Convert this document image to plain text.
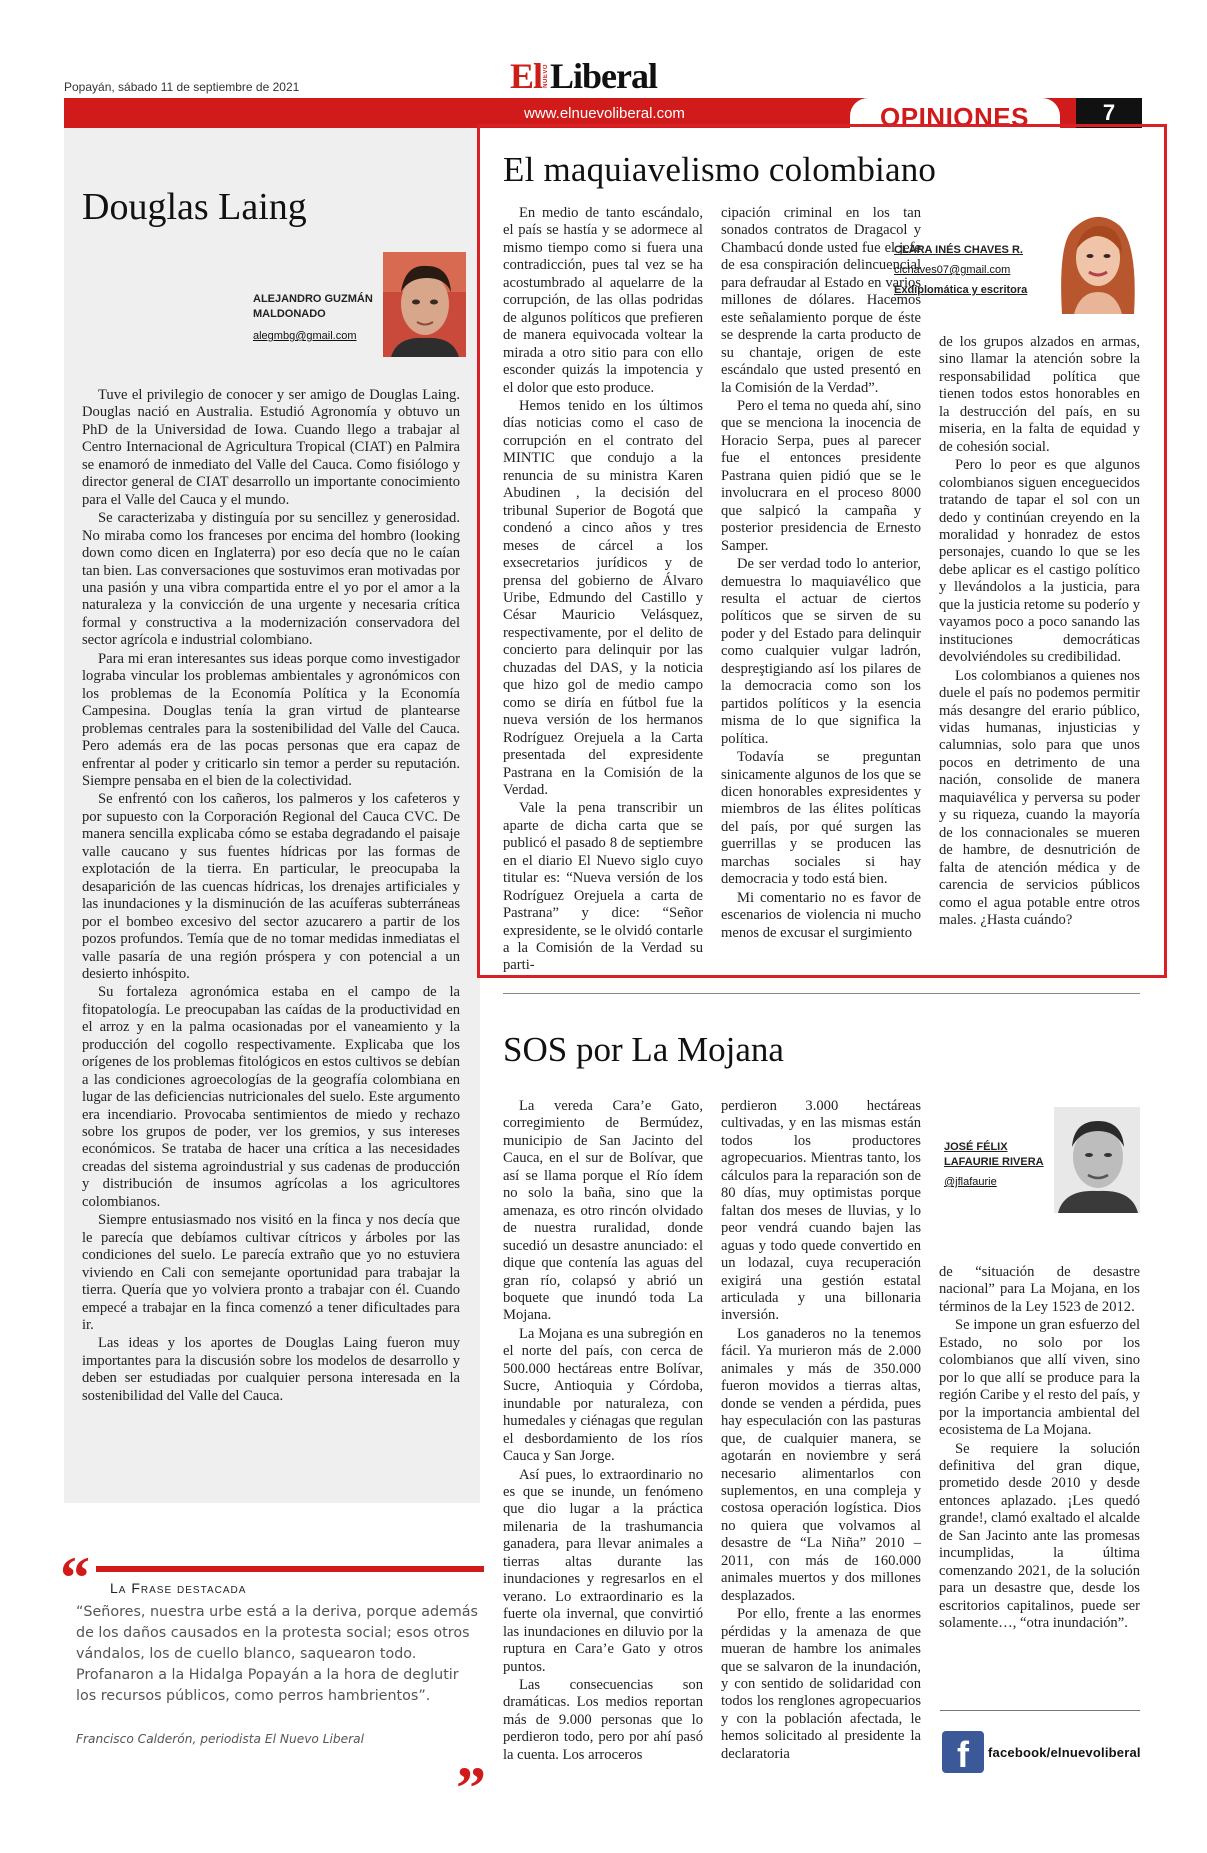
Popayán, sábado 11 de septiembre de 2021	El NUEVO Liberal
www.elnuevoliberal.com	OPINIONES	7
Douglas Laing
ALEJANDRO GUZMÁN MALDONADO
alegmbg@gmail.com

Tuve el privilegio de conocer y ser amigo de Douglas Laing. Douglas nació en Australia. Estudió Agronomía y obtuvo un PhD de la Universidad de Iowa. Cuando llego a trabajar al Centro Internacional de Agricultura Tropical (CIAT) en Palmira se enamoró de inmediato del Valle del Cauca. Como fisiólogo y director general de CIAT desarrollo un importante conocimiento para el Valle del Cauca y el mundo.

Se caracterizaba y distinguía por su sencillez y generosidad. No miraba como los franceses por encima del hombro (looking down como dicen en Inglaterra) por eso decía que no le caían tan bien. Las conversaciones que sostuvimos eran motivadas por una pasión y una vibra compartida entre el yo por el amor a la naturaleza y la convicción de una urgente y necesaria crítica formal y constructiva a la modernización conservadora del sector agrícola e industrial colombiano.

Para mi eran interesantes sus ideas porque como investigador lograba vincular los problemas ambientales y agronómicos con los problemas de la Economía Política y la Economía Campesina. Douglas tenía la gran virtud de plantearse problemas centrales para la sostenibilidad del Valle del Cauca. Pero además era de las pocas personas que era capaz de enfrentar al poder y criticarlo sin temor a perder su reputación. Siempre pensaba en el bien de la colectividad.

Se enfrentó con los cañeros, los palmeros y los cafeteros y por supuesto con la Corporación Regional del Cauca CVC. De manera sencilla explicaba cómo se estaba degradando el paisaje valle caucano y sus fuentes hídricas por las formas de explotación de la tierra. En particular, le preocupaba la desaparición de las cuencas hídricas, los drenajes artificiales y las inundaciones y la disminución de las acuíferas subterráneas por el bombeo excesivo del sector azucarero a partir de los pozos profundos. Temía que de no tomar medidas inmediatas el valle pasaría de una región próspera y con potencial a un desierto inhóspito.

Su fortaleza agronómica estaba en el campo de la fitopatología. Le preocupaban las caídas de la productividad en el arroz y en la palma ocasionadas por el vaneamiento y la producción del cogollo respectivamente. Explicaba que los orígenes de los problemas fitológicos en estos cultivos se debían a las condiciones agroecologías de la geografía colombiana en lugar de las deficiencias nutricionales del suelo. Este argumento era incendiario. Provocaba sentimientos de miedo y rechazo sobre los grupos de poder, ver los gremios, y sus intereses económicos. Se trataba de hacer una crítica a las necesidades creadas del sistema agroindustrial y sus cadenas de producción y distribución de insumos agrícolas a los agricultores colombianos.

Siempre entusiasmado nos visitó en la finca y nos decía que le parecía que debíamos cultivar cítricos y árboles por las condiciones del suelo. Le parecía extraño que yo no estuviera viviendo en Cali con semejante oportunidad para trabajar la tierra. Quería que yo volviera pronto a trabajar con él. Cuando empecé a trabajar en la finca comenzó a tener dificultades para ir.

Las ideas y los aportes de Douglas Laing fueron muy importantes para la discusión sobre los modelos de desarrollo y deben ser estudiadas por cualquier persona interesada en la sostenibilidad del Valle del Cauca.

“ La Frase destacada
“Señores, nuestra urbe está a la deriva, porque además de los daños causados en la protesta social; esos otros vándalos, los de cuello blanco, saquearon todo. Profanaron a la Hidalga Popayán a la hora de deglutir los recursos públicos, como perros hambrientos”.
Francisco Calderón, periodista El Nuevo Liberal
”
El maquiavelismo colombiano

En medio de tanto escándalo, el país se hastía y se adormece al mismo tiempo como si fuera una contradicción, pues tal vez se ha acostumbrado al aquelarre de la corrupción, de las ollas podridas de algunos políticos que prefieren de manera equivocada voltear la mirada a otro sitio para con ello esconder quizás la impotencia y el dolor que esto produce.

Hemos tenido en los últimos días noticias como el caso de corrupción en el contrato del MINTIC que condujo a la renuncia de su ministra Karen Abudinen , la decisión del tribunal Superior de Bogotá que condenó a cinco años y tres meses de cárcel a los exsecretarios jurídicos y de prensa del gobierno de Álvaro Uribe, Edmundo del Castillo y César Mauricio Velásquez, respectivamente, por el delito de concierto para delinquir por las chuzadas del DAS, y la noticia que hizo gol de medio campo como se diría en fútbol fue la nueva versión de los hermanos Rodríguez Orejuela a la Carta presentada del expresidente Pastrana en la Comisión de la Verdad.

Vale la pena transcribir un aparte de dicha carta que se publicó el pasado 8 de septiembre en el diario El Nuevo siglo cuyo titular es: “Nueva versión de los Rodríguez Orejuela a carta de Pastrana” y dice: “Señor expresidente, se le olvidó contarle a la Comisión de la Verdad su parti-

cipación criminal en los tan sonados contratos de Dragacol y Chambacú donde usted fue el jefe de esa conspiración delincuencial para defraudar al Estado en varios millones de dólares. Hacemos este señalamiento porque de éste se desprende la carta producto de su chantaje, origen de este escándalo que usted presentó en la Comisión de la Verdad”.

Pero el tema no queda ahí, sino que se menciona la inocencia de Horacio Serpa, pues al parecer fue el entonces presidente Pastrana quien pidió que se le involucrara en el proceso 8000 que salpicó la campaña y posterior presidencia de Ernesto Samper.

De ser verdad todo lo anterior, demuestra lo maquiavélico que resulta el actuar de ciertos políticos que se sirven de su poder y del Estado para delinquir como cualquier vulgar ladrón, despreştigiando así los pilares de la democracia como son los partidos políticos y la esencia misma de lo que significa la política.

Todavía se preguntan sinicamente algunos de los que se dicen honorables expresidentes y miembros de las élites políticas del país, por qué surgen las guerrillas y se producen las marchas sociales si hay democracia y todo está bien.

Mi comentario no es favor de escenarios de violencia ni mucho menos de excusar el surgimiento

CLARA INÉS CHAVES R.
cichaves07@gmail.com
Exdiplomática y escritora

de los grupos alzados en armas, sino llamar la atención sobre la responsabilidad política que tienen todos estos honorables en la destrucción del país, en su miseria, en la falta de equidad y de cohesión social.

Pero lo peor es que algunos colombianos siguen enceguecidos tratando de tapar el sol con un dedo y continúan creyendo en la moralidad y honradez de estos personajes, cuando lo que se les debe aplicar es el castigo político y llevándolos a la justicia, para que la justicia retome su poderío y vayamos poco a poco sanando las instituciones democráticas devolviéndoles su credibilidad.

Los colombianos a quienes nos duele el país no podemos permitir más desangre del erario público, vidas humanas, injusticias y calumnias, solo para que unos pocos en detrimento de una nación, consolide de manera maquiavélica y perversa su poder y su riqueza, cuando la mayoría de los connacionales se mueren de hambre, de desnutrición de falta de atención médica y de carencia de servicios públicos como el agua potable entre otros males. ¿Hasta cuándo?

SOS por La Mojana

La vereda Cara’e Gato, corregimiento de Bermúdez, municipio de San Jacinto del Cauca, en el sur de Bolívar, que así se llama porque el Río ídem no solo la baña, sino que la amenaza, es otro rincón olvidado de nuestra ruralidad, donde sucedió un desastre anunciado: el dique que contenía las aguas del gran río, colapsó y abrió un boquete que inundó toda La Mojana.

La Mojana es una subregión en el norte del país, con cerca de 500.000 hectáreas entre Bolívar, Sucre, Antioquia y Córdoba, inundable por naturaleza, con humedales y ciénagas que regulan el desbordamiento de los ríos Cauca y San Jorge.

Así pues, lo extraordinario no es que se inunde, un fenómeno que dio lugar a la práctica milenaria de la trashumancia ganadera, para llevar animales a tierras altas durante las inundaciones y regresarlos en el verano. Lo extraordinario es la fuerte ola invernal, que convirtió las inundaciones en diluvio por la ruptura en Cara’e Gato y otros puntos.

Las consecuencias son dramáticas. Los medios reportan más de 9.000 personas que lo perdieron todo, pero por ahí pasó la cuenta. Los arroceros

perdieron 3.000 hectáreas cultivadas, y en las mismas están todos los productores agropecuarios. Mientras tanto, los cálculos para la reparación son de 80 días, muy optimistas porque faltan dos meses de lluvias, y lo peor vendrá cuando bajen las aguas y todo quede convertido en un lodazal, cuya recuperación exigirá una gestión estatal articulada y una billonaria inversión.

Los ganaderos no la tenemos fácil. Ya murieron más de 2.000 animales y más de 350.000 fueron movidos a tierras altas, donde se venden a pérdida, pues hay especulación con las pasturas que, de cualquier manera, se agotarán en noviembre y será necesario alimentarlos con suplementos, en una compleja y costosa operación logística. Dios no quiera que volvamos al desastre de “La Niña” 2010 – 2011, con más de 160.000 animales muertos y dos millones desplazados.

Por ello, frente a las enormes pérdidas y la amenaza de que mueran de hambre los animales que se salvaron de la inundación, y con sentido de solidaridad con todos los renglones agropecuarios y con la población afectada, le hemos solicitado al presidente la declaratoria

JOSÉ FÉLIX LAFAURIE RIVERA
@jflafaurie

de “situación de desastre nacional” para La Mojana, en los términos de la Ley 1523 de 2012.

Se impone un gran esfuerzo del Estado, no solo por los colombianos que allí viven, sino por lo que allí se produce para la región Caribe y el resto del país, y por la importancia ambiental del ecosistema de La Mojana.

Se requiere la solución definitiva del gran dique, prometido desde 2010 y desde entonces aplazado. ¡Les quedó grande!, clamó exaltado el alcalde de San Jacinto ante las promesas incumplidas, la última comenzando 2021, de la solución para un desastre que, desde los escritorios capitalinos, puede ser solamente…, “otra inundación”.

f	facebook/elnuevoliberal
